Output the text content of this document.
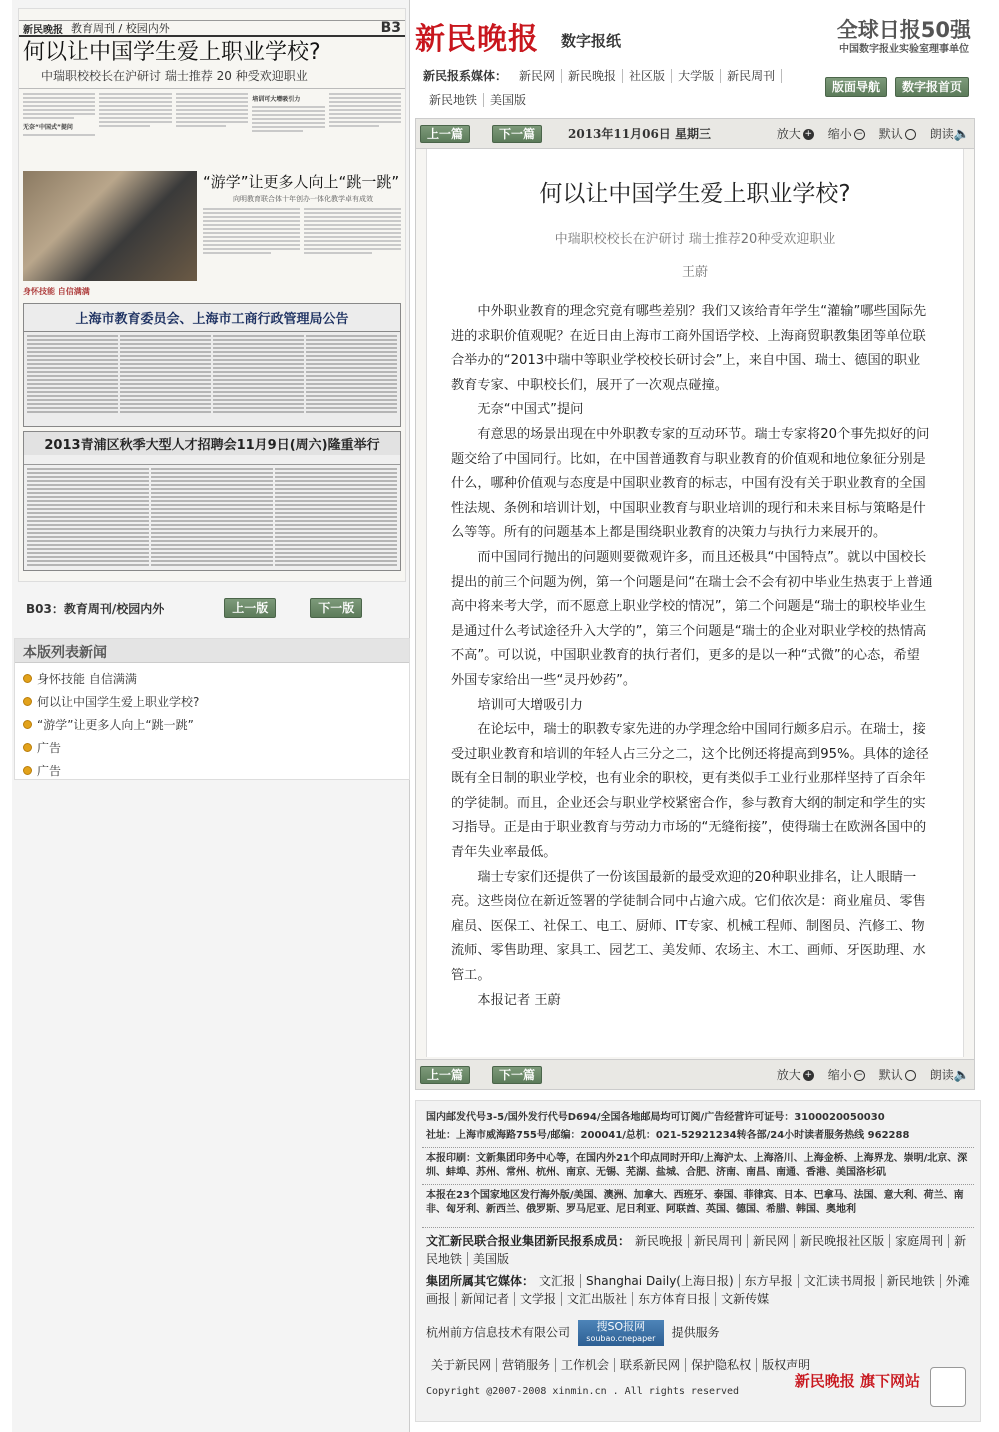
新民晚报 教育周刊 / 校园内外	B3
何以让中国学生爱上职业学校?
中瑞职校校长在沪研讨 瑞士推荐 20 种受欢迎职业
无奈“中国式”提问
培训可大增吸引力
身怀技能 自信满满
“游学”让更多人向上“跳一跳”
向明教育联合体十年创办一体化教学卓有成效
上海市教育委员会、上海市工商行政管理局公告
2013青浦区秋季大型人才招聘会11月9日(周六)隆重举行

B03：教育周刊/校园内外	上一版	下一版
本版列表新闻
身怀技能 自信满满
何以让中国学生爱上职业学校?
“游学”让更多人向上“跳一跳”
广告
广告
新民晚报 数字报纸	全球日报50强
中国数字报业实验室理事单位
新民报系媒体： 新民网 新民晚报 社区版 大学版 新民周刊
新民地铁 美国版
版面导航	数字报首页
上一篇	下一篇	2013年11月06日 星期三	放大 + 缩小 − 默认	朗读🔈
何以让中国学生爱上职业学校?
中瑞职校校长在沪研讨 瑞士推荐20种受欢迎职业
王蔚

中外职业教育的理念究竟有哪些差别？我们又该给青年学生“灌输”哪些国际先进的求职价值观呢？在近日由上海市工商外国语学校、上海商贸职教集团等单位联合举办的“2013中瑞中等职业学校校长研讨会”上，来自中国、瑞士、德国的职业教育专家、中职校长们，展开了一次观点碰撞。

无奈“中国式”提问

有意思的场景出现在中外职教专家的互动环节。瑞士专家将20个事先拟好的问题交给了中国同行。比如，在中国普通教育与职业教育的价值观和地位象征分别是什么，哪种价值观与态度是中国职业教育的标志，中国有没有关于职业教育的全国性法规、条例和培训计划，中国职业教育与职业培训的现行和未来目标与策略是什么等等。所有的问题基本上都是围绕职业教育的决策力与执行力来展开的。

而中国同行抛出的问题则要微观许多，而且还极具“中国特点”。就以中国校长提出的前三个问题为例，第一个问题是问“在瑞士会不会有初中毕业生热衷于上普通高中将来考大学，而不愿意上职业学校的情况”，第二个问题是“瑞士的职校毕业生是通过什么考试途径升入大学的”，第三个问题是“瑞士的企业对职业学校的热情高不高”。可以说，中国职业教育的执行者们，更多的是以一种“式微”的心态，希望外国专家给出一些“灵丹妙药”。

培训可大增吸引力

在论坛中，瑞士的职教专家先进的办学理念给中国同行颇多启示。在瑞士，接受过职业教育和培训的年轻人占三分之二，这个比例还将提高到95%。具体的途径既有全日制的职业学校，也有业余的职校，更有类似手工业行业那样坚持了百余年的学徒制。而且，企业还会与职业学校紧密合作，参与教育大纲的制定和学生的实习指导。正是由于职业教育与劳动力市场的“无缝衔接”，使得瑞士在欧洲各国中的青年失业率最低。

瑞士专家们还提供了一份该国最新的最受欢迎的20种职业排名，让人眼睛一亮。这些岗位在新近签署的学徒制合同中占逾六成。它们依次是：商业雇员、零售雇员、医保工、社保工、电工、厨师、IT专家、机械工程师、制图员、汽修工、物流师、零售助理、家具工、园艺工、美发师、农场主、木工、画师、牙医助理、水管工。

本报记者 王蔚

上一篇	下一篇	放大 + 缩小 − 默认	朗读🔈
国内邮发代号3-5/国外发行代号D694/全国各地邮局均可订阅/广告经营许可证号：3100020050030
社址：上海市威海路755号/邮编：200041/总机：021-52921234转各部/24小时读者服务热线 962288
本报印刷：文新集团印务中心等，在国内外21个印点同时开印/上海沪太、上海洛川、上海金桥、上海界龙、崇明/北京、深圳、蚌埠、苏州、常州、杭州、南京、无锡、芜湖、盐城、合肥、济南、南昌、南通、香港、美国洛杉矶
本报在23个国家地区发行海外版/美国、澳洲、加拿大、西班牙、泰国、菲律宾、日本、巴拿马、法国、意大利、荷兰、南非、匈牙利、新西兰、俄罗斯、罗马尼亚、尼日利亚、阿联酋、英国、德国、希腊、韩国、奥地利
文汇新民联合报业集团新民报系成员： 新民晚报 新民周刊 新民网 新民晚报社区版 家庭周刊 新民地铁 美国版
集团所属其它媒体： 文汇报 Shanghai Daily(上海日报) 东方早报 文汇读书周报 新民地铁 外滩画报 新闻记者 文学报 文汇出版社 东方体育日报 文新传媒
杭州前方信息技术有限公司 搜SO报网
soubao.cnepaper	提供服务
关于新民网 营销服务 工作机会 联系新民网 保护隐私权 版权声明
Copyright @2007-2008 xinmin.cn . All rights reserved
新民晚报 旗下网站
